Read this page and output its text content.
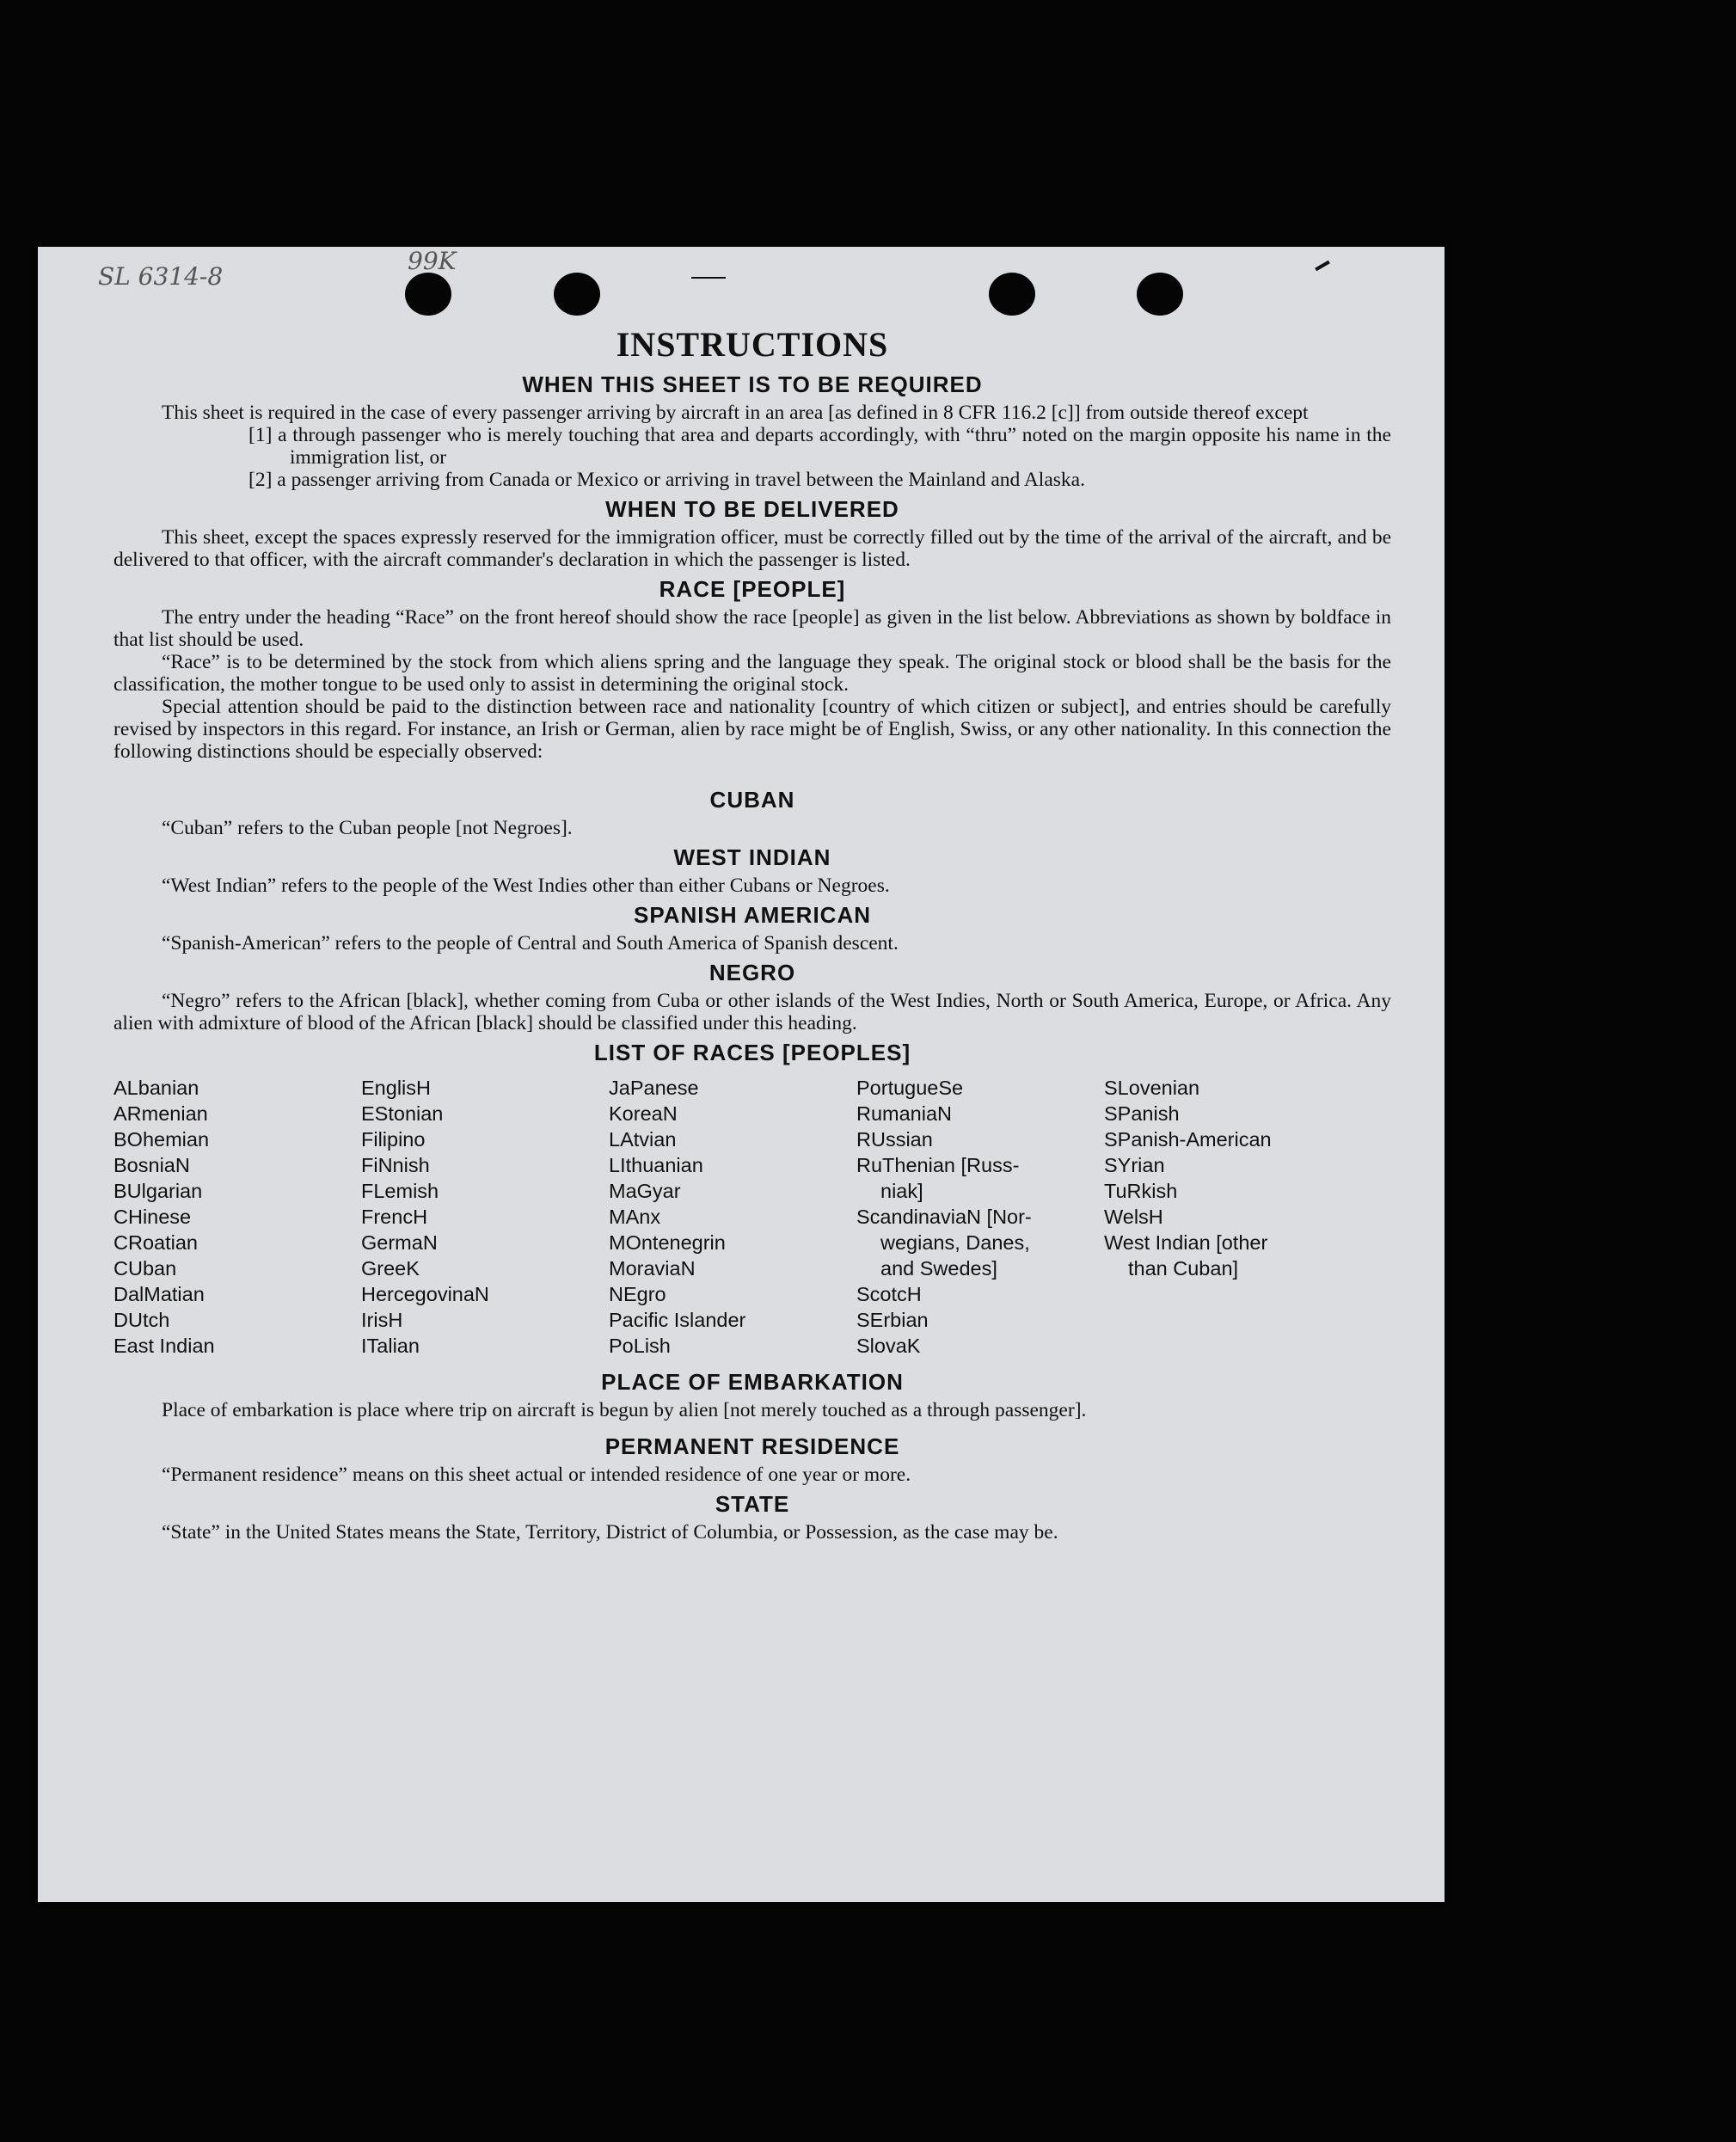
SL 6314-8
99K
INSTRUCTIONS
WHEN THIS SHEET IS TO BE REQUIRED

This sheet is required in the case of every passenger arriving by aircraft in an area [as defined in 8 CFR 116.2 [c]] from outside thereof except

[1] a through passenger who is merely touching that area and departs accordingly, with “thru” noted on the margin opposite his name in the immigration list, or

[2] a passenger arriving from Canada or Mexico or arriving in travel between the Mainland and Alaska.

WHEN TO BE DELIVERED

This sheet, except the spaces expressly reserved for the immigration officer, must be correctly filled out by the time of the arrival of the aircraft, and be delivered to that officer, with the aircraft commander's declaration in which the passenger is listed.

RACE [PEOPLE]

The entry under the heading “Race” on the front hereof should show the race [people] as given in the list below. Abbreviations as shown by boldface in that list should be used.

“Race” is to be determined by the stock from which aliens spring and the language they speak. The original stock or blood shall be the basis for the classification, the mother tongue to be used only to assist in determining the original stock.

Special attention should be paid to the distinction between race and nationality [country of which citizen or subject], and entries should be carefully revised by inspectors in this regard. For instance, an Irish or German, alien by race might be of English, Swiss, or any other nationality. In this connection the following distinctions should be especially observed:

CUBAN

“Cuban” refers to the Cuban people [not Negroes].

WEST INDIAN

“West Indian” refers to the people of the West Indies other than either Cubans or Negroes.

SPANISH AMERICAN

“Spanish-American” refers to the people of Central and South America of Spanish descent.

NEGRO

“Negro” refers to the African [black], whether coming from Cuba or other islands of the West Indies, North or South America, Europe, or Africa. Any alien with admixture of blood of the African [black] should be classified under this heading.

LIST OF RACES [PEOPLES]
ALbanian
ARmenian
BOhemian
BosniaN
BUlgarian
CHinese
CRoatian
CUban
DalMatian
DUtch
East Indian
EnglisH
EStonian
Filipino
FiNnish
FLemish
FrencH
GermaN
GreeK
HercegovinaN
IrisH
ITalian
JaPanese
KoreaN
LAtvian
LIthuanian
MaGyar
MAnx
MOntenegrin
MoraviaN
NEgro
Pacific Islander
PoLish
PortugueSe
RumaniaN
RUssian
RuThenian [Russ-
niak]
ScandinaviaN [Nor-
wegians, Danes,
and Swedes]
ScotcH
SErbian
SlovaK
SLovenian
SPanish
SPanish-American
SYrian
TuRkish
WelsH
West Indian [other
than Cuban]
PLACE OF EMBARKATION

Place of embarkation is place where trip on aircraft is begun by alien [not merely touched as a through passenger].

PERMANENT RESIDENCE

“Permanent residence” means on this sheet actual or intended residence of one year or more.

STATE

“State” in the United States means the State, Territory, District of Columbia, or Possession, as the case may be.
